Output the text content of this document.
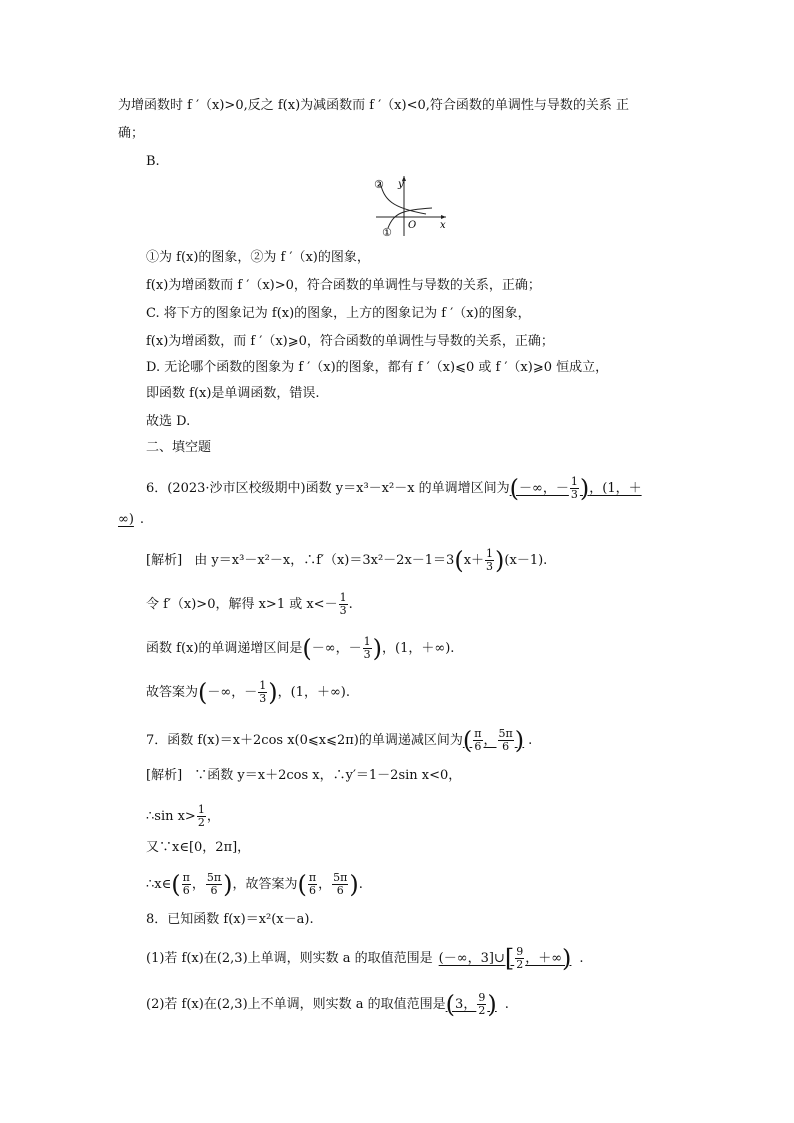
为增函数时 f ′（x)>0,反之 f(x)为减函数而 f ′（x)<0,符合函数的单调性与导数的关系 正
确；
B.
y
x
O
①
②
①为 f(x)的图象，②为 f ′（x)的图象，
f(x)为增函数而 f ′（x)>0，符合函数的单调性与导数的关系，正确；
C. 将下方的图象记为 f(x)的图象，上方的图象记为 f ′（x)的图象，
f(x)为增函数，而 f ′（x)⩾0，符合函数的单调性与导数的关系，正确；
D. 无论哪个函数的图象为 f ′（x)的图象，都有 f ′（x)⩽0 或 f ′（x)⩾0 恒成立，
即函数 f(x)是单调函数，错误.
故选 D.
二、填空题
6．(2023·沙市区校级期中)函数 y＝x³－x²－x 的单调增区间为(－∞，－ $\frac{1}{3}$ )，(1，＋
∞) .
[解析] 由 y＝x³－x²－x，∴f′（x)＝3x²－2x－1＝3(x＋ $\frac{1}{3} )(x-1)$.
令 f′（x)>0，解得 x>1 或 $x<- \frac{1}{3}$ .
函数 f(x)的单调递增区间是(－∞，－ $\frac{1}{3}$ )，(1，＋∞).
故答案为(－∞，－ $\frac{1}{3}$ )，(1，＋∞).
7．函数 f(x)＝x＋2cos x(0⩽x⩽2π)的单调递减区间为( $\frac{\pi}{6}$ ， $\frac{5\pi}{6}$ ) .
[解析] ∵函数 y＝x＋2cos x，∴y′＝1－2sin x<0，
∴sin $x> \frac{1}{2}$ ，
又∵x∈[0，2π]，
∴x∈( $\frac{\pi}{6}$ ， $\frac{5\pi}{6}$ )，故答案为( $\frac{\pi}{6}$ ， $\frac{5\pi}{6}$ ).
8．已知函数 f(x)＝x²(x－a).
(1)若 f(x)在(2,3)上单调，则实数 a 的取值范围是 (－∞，3]∪[ $\frac{9}{2}$ ，＋∞) .
(2)若 f(x)在(2,3)上不单调，则实数 a 的取值范围是(3， $\frac{9}{2}$ ) .
